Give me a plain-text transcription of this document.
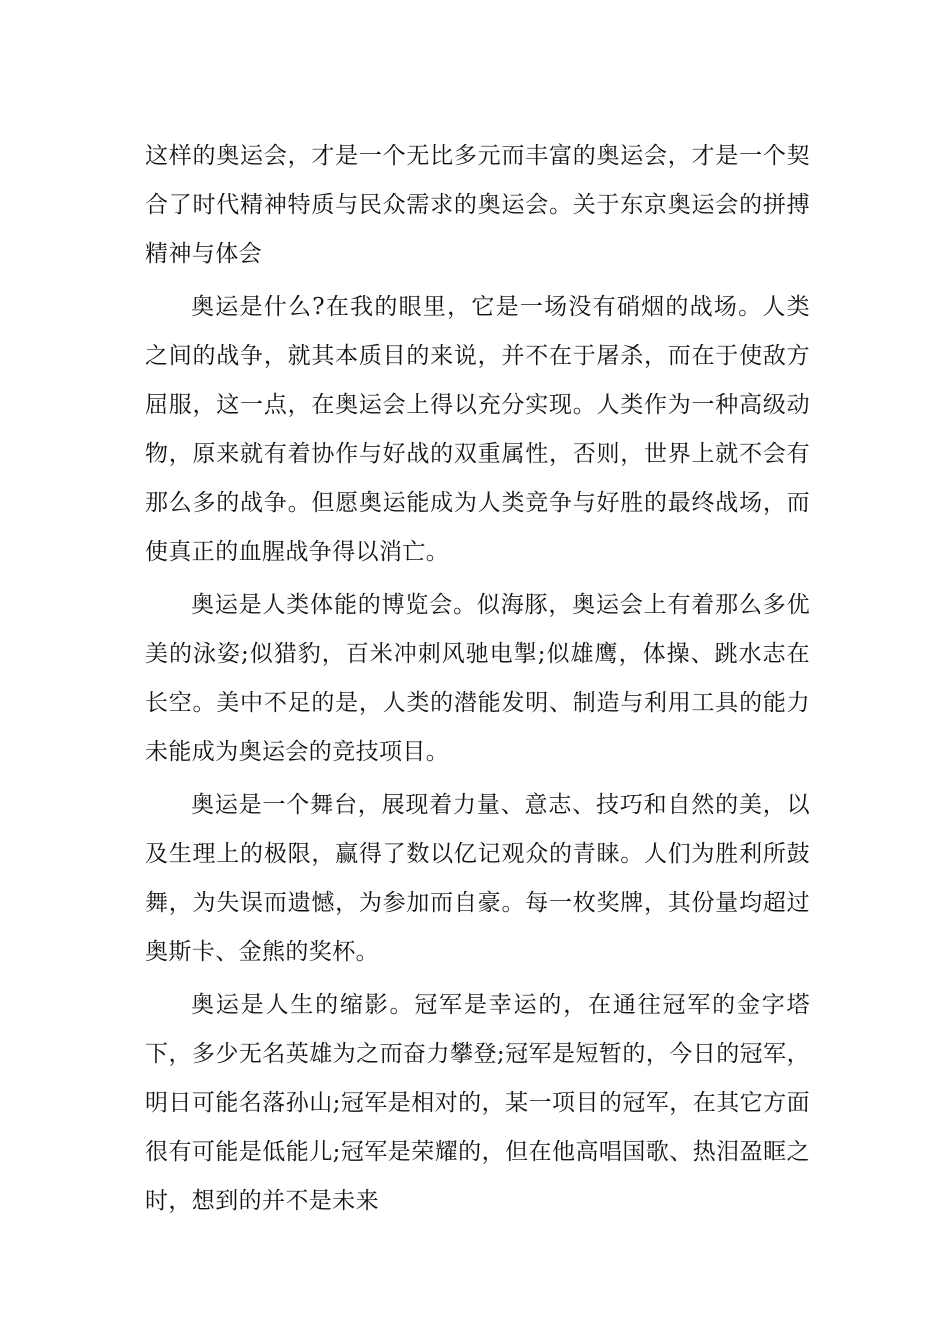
这样的奥运会，才是一个无比多元而丰富的奥运会，才是一个契合了时代精神特质与民众需求的奥运会。关于东京奥运会的拼搏精神与体会

奥运是什么?在我的眼里，它是一场没有硝烟的战场。人类之间的战争，就其本质目的来说，并不在于屠杀，而在于使敌方屈服，这一点，在奥运会上得以充分实现。人类作为一种高级动物，原来就有着协作与好战的双重属性，否则，世界上就不会有那么多的战争。但愿奥运能成为人类竞争与好胜的最终战场，而使真正的血腥战争得以消亡。

奥运是人类体能的博览会。似海豚，奥运会上有着那么多优美的泳姿;似猎豹，百米冲刺风驰电掣;似雄鹰，体操、跳水志在长空。美中不足的是，人类的潜能发明、制造与利用工具的能力未能成为奥运会的竞技项目。

奥运是一个舞台，展现着力量、意志、技巧和自然的美，以及生理上的极限，赢得了数以亿记观众的青睐。人们为胜利所鼓舞，为失误而遗憾，为参加而自豪。每一枚奖牌，其份量均超过奥斯卡、金熊的奖杯。

奥运是人生的缩影。冠军是幸运的，在通往冠军的金字塔下，多少无名英雄为之而奋力攀登;冠军是短暂的，今日的冠军，明日可能名落孙山;冠军是相对的，某一项目的冠军，在其它方面很有可能是低能儿;冠军是荣耀的，但在他高唱国歌、热泪盈眶之时，想到的并不是未来
